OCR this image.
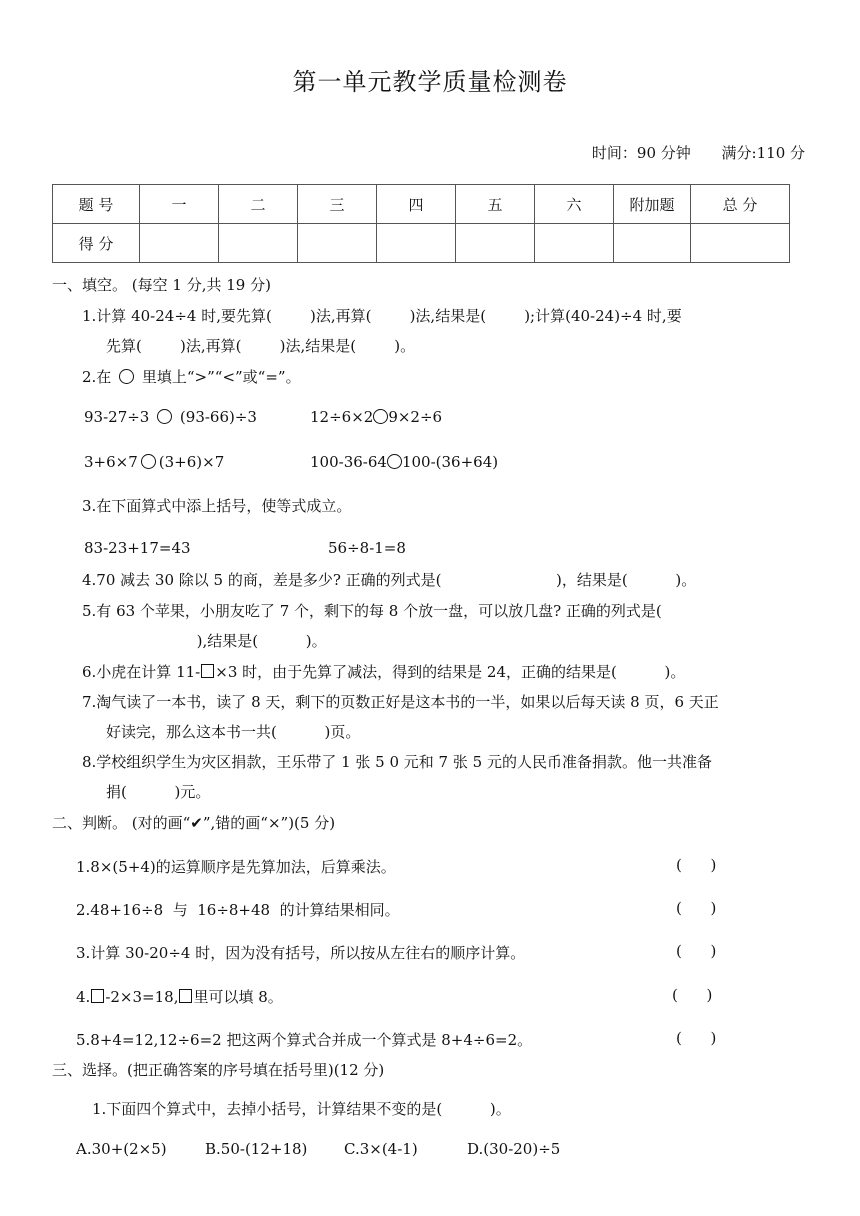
第一单元教学质量检测卷
时间：90 分钟 满分:110 分
题 号	一	二	三	四	五	六	附加题	总 分
得 分								
一、填空。 (每空 1 分,共 19 分)
1.计算 40-24÷4 时,要先算(        )法,再算(        )法,结果是(        );计算(40-24)÷4 时,要
先算(        )法,再算(        )法,结果是(        )。
2.在 里填上“>”“<”或“=”。
93-27÷3 (93-66)÷3	12÷6×2 9×2÷6
3+6×7 (3+6)×7	100-36-64 100-(36+64)
3.在下面算式中添上括号，使等式成立。
83-23+17=43	56÷8-1=8
4.70 减去 30 除以 5 的商，差是多少? 正确的列式是(                        )，结果是(          )。
5.有 63 个苹果，小朋友吃了 7 个，剩下的每 8 个放一盘，可以放几盘? 正确的列式是(
),结果是(          )。
6.小虎在计算 11- ×3 时，由于先算了减法，得到的结果是 24，正确的结果是(          )。
7.淘气读了一本书，读了 8 天，剩下的页数正好是这本书的一半，如果以后每天读 8 页，6 天正
好读完，那么这本书一共(          )页。
8.学校组织学生为灾区捐款，王乐带了 1 张 5 0 元和 7 张 5 元的人民币准备捐款。他一共准备
捐(          )元。
二、判断。 (对的画“✔”,错的画“×”)(5 分)
1.8×(5+4)的运算顺序是先算加法，后算乘法。	(      )
2.48+16÷8  与  16÷8+48  的计算结果相同。	(      )
3.计算 30-20÷4 时，因为没有括号，所以按从左往右的顺序计算。	(      )
4. -2×3=18, 里可以填 8。	(      )
5.8+4=12,12÷6=2 把这两个算式合并成一个算式是 8+4÷6=2。	(      )
三、选择。(把正确答案的序号填在括号里)(12 分)
1.下面四个算式中，去掉小括号，计算结果不变的是(          )。
A.30+(2×5)	B.50-(12+18) C.3×(4-1)	D.(30-20)÷5
